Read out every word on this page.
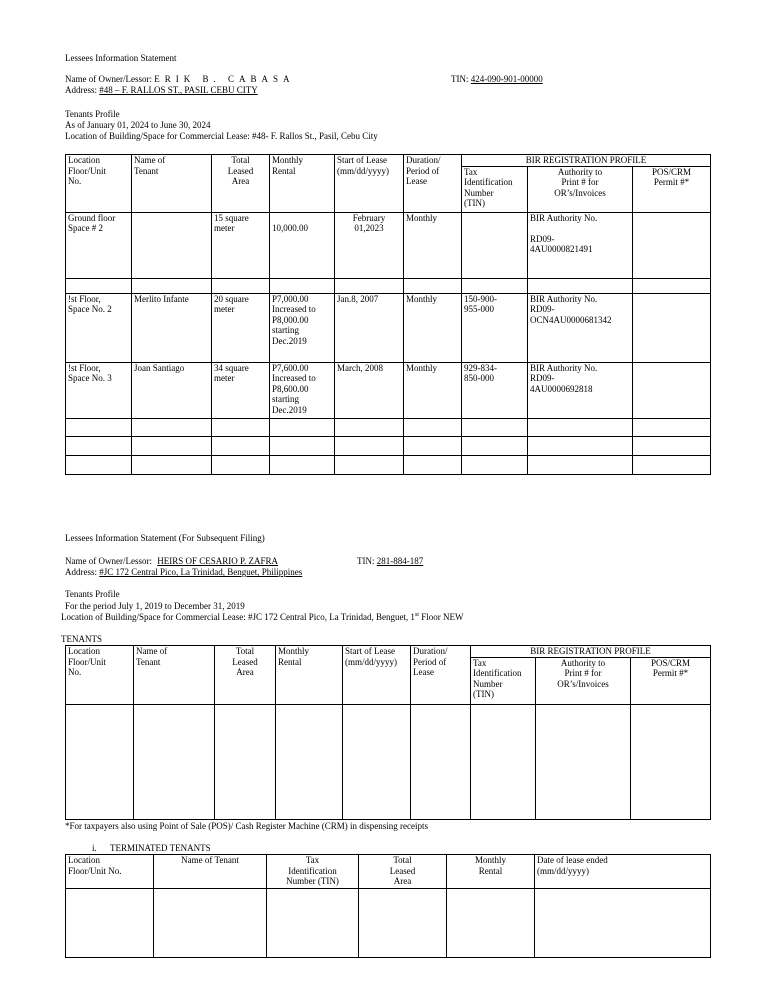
Lessees Information Statement
Name of Owner/Lessor: ERIK B. CABASA	TIN: 424-090-901-00000
Address: #48 – F. RALLOS ST., PASIL CEBU CITY
Tenants Profile
As of January 01, 2024 to June 30, 2024
Location of Building/Space for Commercial Lease: #48- F. Rallos St., Pasil, Cebu City
Location
Floor/Unit
No.	Name of
Tenant	Total
Leased
Area	Monthly
Rental	Start of Lease
(mm/dd/yyyy)	Duration/
Period of
Lease	BIR REGISTRATION PROFILE		
						Tax
Identification
Number
(TIN)	Authority to
Print # for
OR’s/Invoices	POS/CRM
Permit #*
Ground floor
Space # 2		15 square
meter	10,000.00	February
01,2023	Monthly		BIR Authority No.

RD09-
4AU0000821491	

!st Floor,
Space No. 2	Merlito Infante	20 square
meter	P7,000.00
Increased to
P8,000.00
starting
Dec.2019	Jan.8, 2007	Monthly	150-900-
955-000	BIR Authority No.
RD09-
OCN4AU0000681342	
!st Floor,
Space No. 3	Joan Santiago	34 square
meter	P7,600.00
Increased to
P8,600.00
starting
Dec.2019	March, 2008	Monthly	929-834-
850-000	BIR Authority No.
RD09-
4AU0000692818	

Lessees Information Statement (For Subsequent Filing)
Name of Owner/Lessor: HEIRS OF CESARIO P. ZAFRA	TIN: 281-884-187
Address: #JC 172 Central Pico, La Trinidad, Benguet, Philippines
Tenants Profile
For the period July 1, 2019 to December 31, 2019
Location of Building/Space for Commercial Lease: #JC 172 Central Pico, La Trinidad, Benguet, 1st Floor NEW
TENANTS
Location
Floor/Unit
No.	Name of
Tenant	Total
Leased
Area	Monthly
Rental	Start of Lease
(mm/dd/yyyy)	Duration/
Period of
Lease	BIR REGISTRATION PROFILE		
						Tax
Identification
Number
(TIN)	Authority to
Print # for
OR’s/Invoices	POS/CRM
Permit #*

*For taxpayers also using Point of Sale (POS)/ Cash Register Machine (CRM) in dispensing receipts
i. TERMINATED TENANTS
Location
Floor/Unit No.	Name of Tenant	Tax
Identification
Number (TIN)	Total
Leased
Area	Monthly
Rental	Date of lease ended
(mm/dd/yyyy)
